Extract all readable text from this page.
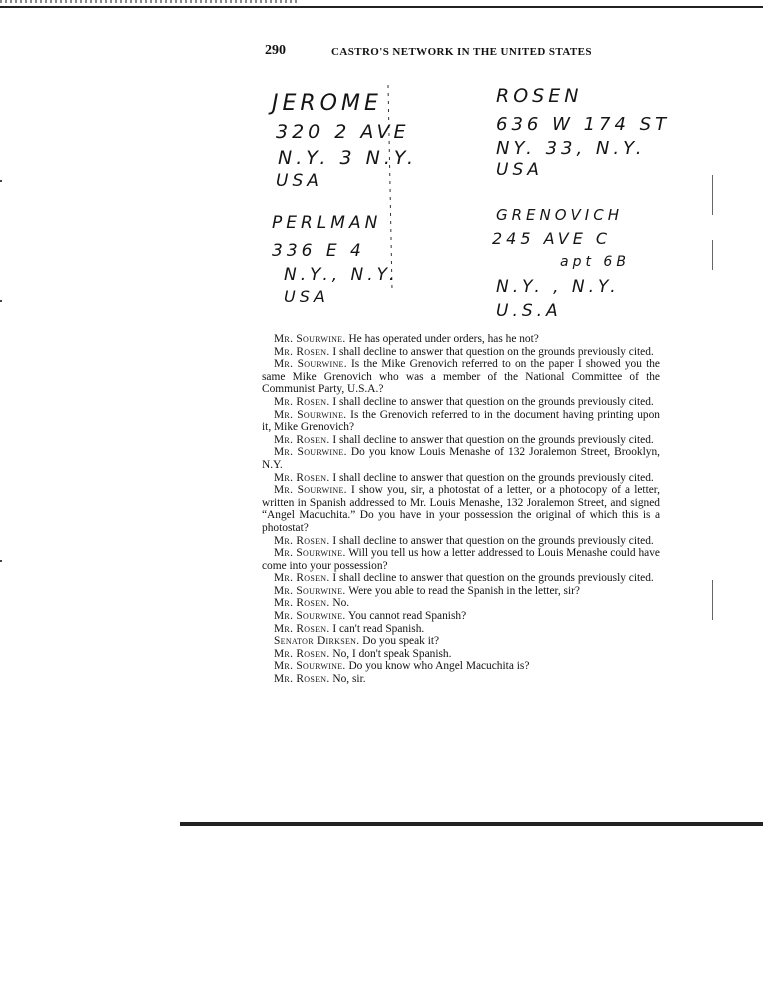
290	CASTRO'S NETWORK IN THE UNITED STATES
JEROME
320 2 AVE
N.Y. 3 N.Y.
USA
ROSEN
636 W 174 ST
NY. 33, N.Y.
USA
PERLMAN
336 E 4
N.Y., N.Y.
USA
GRENOVICH
245 AVE C
apt 6B
N.Y. , N.Y.
U.S.A

Mr. Sourwine. He has operated under orders, has he not?

Mr. Rosen. I shall decline to answer that question on the grounds previously cited.

Mr. Sourwine. Is the Mike Grenovich referred to on the paper I showed you the same Mike Grenovich who was a member of the National Committee of the Communist Party, U.S.A.?

Mr. Rosen. I shall decline to answer that question on the grounds previously cited.

Mr. Sourwine. Is the Grenovich referred to in the document having printing upon it, Mike Grenovich?

Mr. Rosen. I shall decline to answer that question on the grounds previously cited.

Mr. Sourwine. Do you know Louis Menashe of 132 Joralemon Street, Brooklyn, N.Y.

Mr. Rosen. I shall decline to answer that question on the grounds previously cited.

Mr. Sourwine. I show you, sir, a photostat of a letter, or a photocopy of a letter, written in Spanish addressed to Mr. Louis Menashe, 132 Joralemon Street, and signed “Angel Macuchita.” Do you have in your possession the original of which this is a photostat?

Mr. Rosen. I shall decline to answer that question on the grounds previously cited.

Mr. Sourwine. Will you tell us how a letter addressed to Louis Menashe could have come into your possession?

Mr. Rosen. I shall decline to answer that question on the grounds previously cited.

Mr. Sourwine. Were you able to read the Spanish in the letter, sir?

Mr. Rosen. No.

Mr. Sourwine. You cannot read Spanish?

Mr. Rosen. I can't read Spanish.

Senator Dirksen. Do you speak it?

Mr. Rosen. No, I don't speak Spanish.

Mr. Sourwine. Do you know who Angel Macuchita is?

Mr. Rosen. No, sir.
